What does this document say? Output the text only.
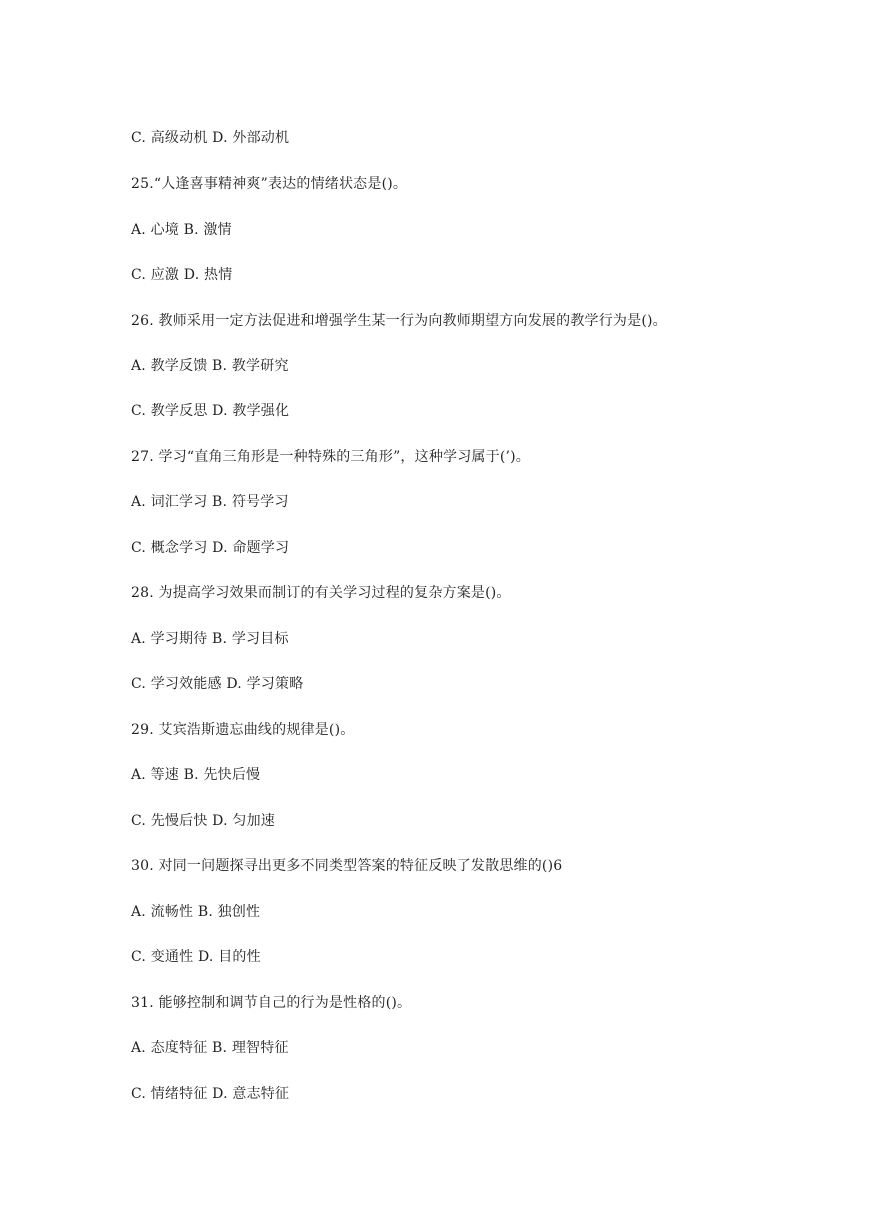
C. 高级动机 D. 外部动机
25.“人逢喜事精神爽”表达的情绪状态是()。
A. 心境 B. 激情
C. 应激 D. 热情
26. 教师采用一定方法促进和增强学生某一行为向教师期望方向发展的教学行为是()。
A. 教学反馈 B. 教学研究
C. 教学反思 D. 教学强化
27. 学习“直角三角形是一种特殊的三角形”，这种学习属于(’)。
A. 词汇学习 B. 符号学习
C. 概念学习 D. 命题学习
28. 为提高学习效果而制订的有关学习过程的复杂方案是()。
A. 学习期待 B. 学习目标
C. 学习效能感 D. 学习策略
29. 艾宾浩斯遗忘曲线的规律是()。
A. 等速 B. 先快后慢
C. 先慢后快 D. 匀加速
30. 对同一问题探寻出更多不同类型答案的特征反映了发散思维的()6
A. 流畅性 B. 独创性
C. 变通性 D. 目的性
31. 能够控制和调节自己的行为是性格的()。
A. 态度特征 B. 理智特征
C. 情绪特征 D. 意志特征
